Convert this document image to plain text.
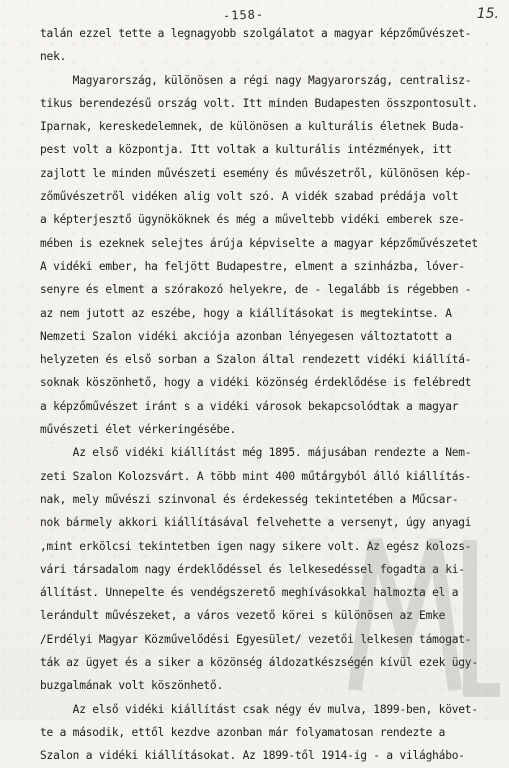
-158-	15.
talán ezzel tette a legnagyobb szolgálatot a magyar képzőművészet-
nek.
Magyarország, különösen a régi nagy Magyarország, centralisz-
tikus berendezésű ország volt. Itt minden Budapesten összpontosult.
Iparnak, kereskedelemnek, de különösen a kulturális életnek Buda-
pest volt a központja. Itt voltak a kulturális intézmények, itt
zajlott le minden művészeti esemény és művészetről, különösen kép-
zőművészetről vidéken alig volt szó. A vidék szabad prédája volt
a képterjesztő ügynököknek és még a műveltebb vidéki emberek sze-
mében is ezeknek selejtes árúja képviselte a magyar képzőművészetet
A vidéki ember, ha feljött Budapestre, elment a szinházba, lóver-
senyre és elment a szórakozó helyekre, de - legalább is régebben -
az nem jutott az eszébe, hogy a kiállításokat is megtekintse. A
Nemzeti Szalon vidéki akciója azonban lényegesen változtatott a
helyzeten és első sorban a Szalon által rendezett vidéki kiállítá-
soknak köszönhető, hogy a vidéki közönség érdeklődése is felébredt
a képzőművészet iránt s a vidéki városok bekapcsolódtak a magyar
művészeti élet vérkeringésébe.
Az első vidéki kiállítást még 1895. májusában rendezte a Nem-
zeti Szalon Kolozsvárt. A több mint 400 műtárgyból álló kiállítás-
nak, mely művészi szinvonal és érdekesség tekintetében a Műcsar-
nok bármely akkori kiállításával felvehette a versenyt, úgy anyagi
,mint erkölcsi tekintetben igen nagy sikere volt. Az egész kolozs-
vári társadalom nagy érdeklődéssel és lelkesedéssel fogadta a ki-
állítást. Unnepelte és vendégszerető meghívásokkal halmozta el a
lerándult művészeket, a város vezető körei s különösen az Emke
/Erdélyi Magyar Közművelődési Egyesület/ vezetői lelkesen támogat-
ták az ügyet és a siker a közönség áldozatkészségén kívül ezek ügy-
buzgalmának volt köszönhető.
Az első vidéki kiállítást csak négy év mulva, 1899-ben, követ-
te a második, ettől kezdve azonban már folyamatosan rendezte a
Szalon a vidéki kiállításokat. Az 1899-től 1914-ig - a világhábo-
